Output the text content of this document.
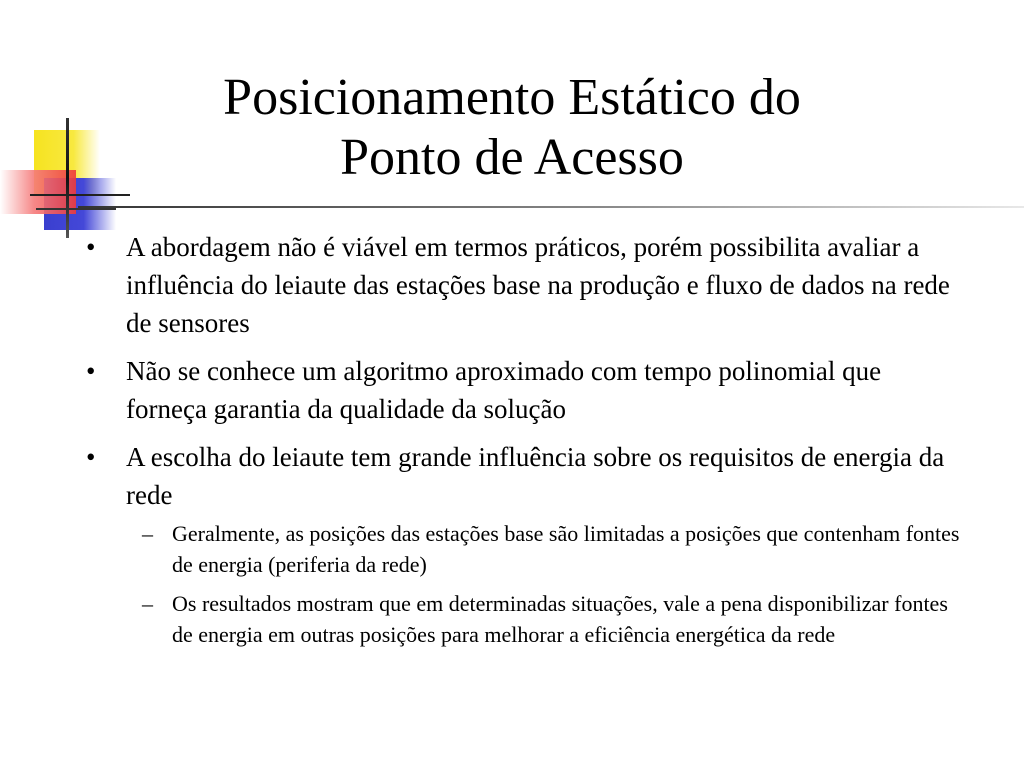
Posicionamento Estático do
Ponto de Acesso
•	A abordagem não é viável em termos práticos, porém possibilita avaliar a influência do leiaute das estações base na produção e fluxo de dados na rede de sensores
•	Não se conhece um algoritmo aproximado com tempo polinomial que forneça garantia da qualidade da solução
•	A escolha do leiaute tem grande influência sobre os requisitos de energia da rede
– Geralmente, as posições das estações base são limitadas a posições que contenham fontes de energia (periferia da rede)
– Os resultados mostram que em determinadas situações, vale a pena disponibilizar fontes de energia em outras posições para melhorar a eficiência energética da rede
